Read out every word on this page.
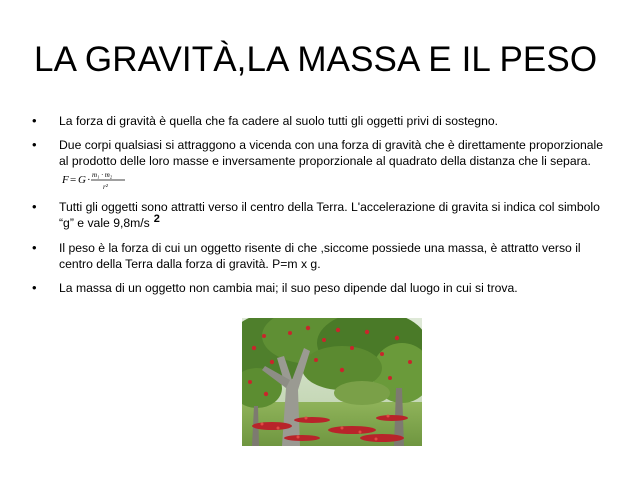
LA GRAVITÀ,LA MASSA E IL PESO
• La forza di gravità è quella che fa cadere al suolo tutti gli oggetti privi di sostegno.
• Due corpi qualsiasi si attraggono a vicenda con una forza di gravità che è direttamente proporzionale al prodotto delle loro masse e inversamente proporzionale al quadrato della distanza che li separa.
F = G · m₁ · m₂
r²
• Tutti gli oggetti sono attratti verso il centro della Terra. L'accelerazione di gravita si indica col simbolo “g” e vale 9,8m/s 2
• Il peso è la forza di cui un oggetto risente di che ,siccome possiede una massa, è attratto verso il centro della Terra dalla forza di gravità. P=m x g.
• La massa di un oggetto non cambia mai; il suo peso dipende dal luogo in cui si trova.
